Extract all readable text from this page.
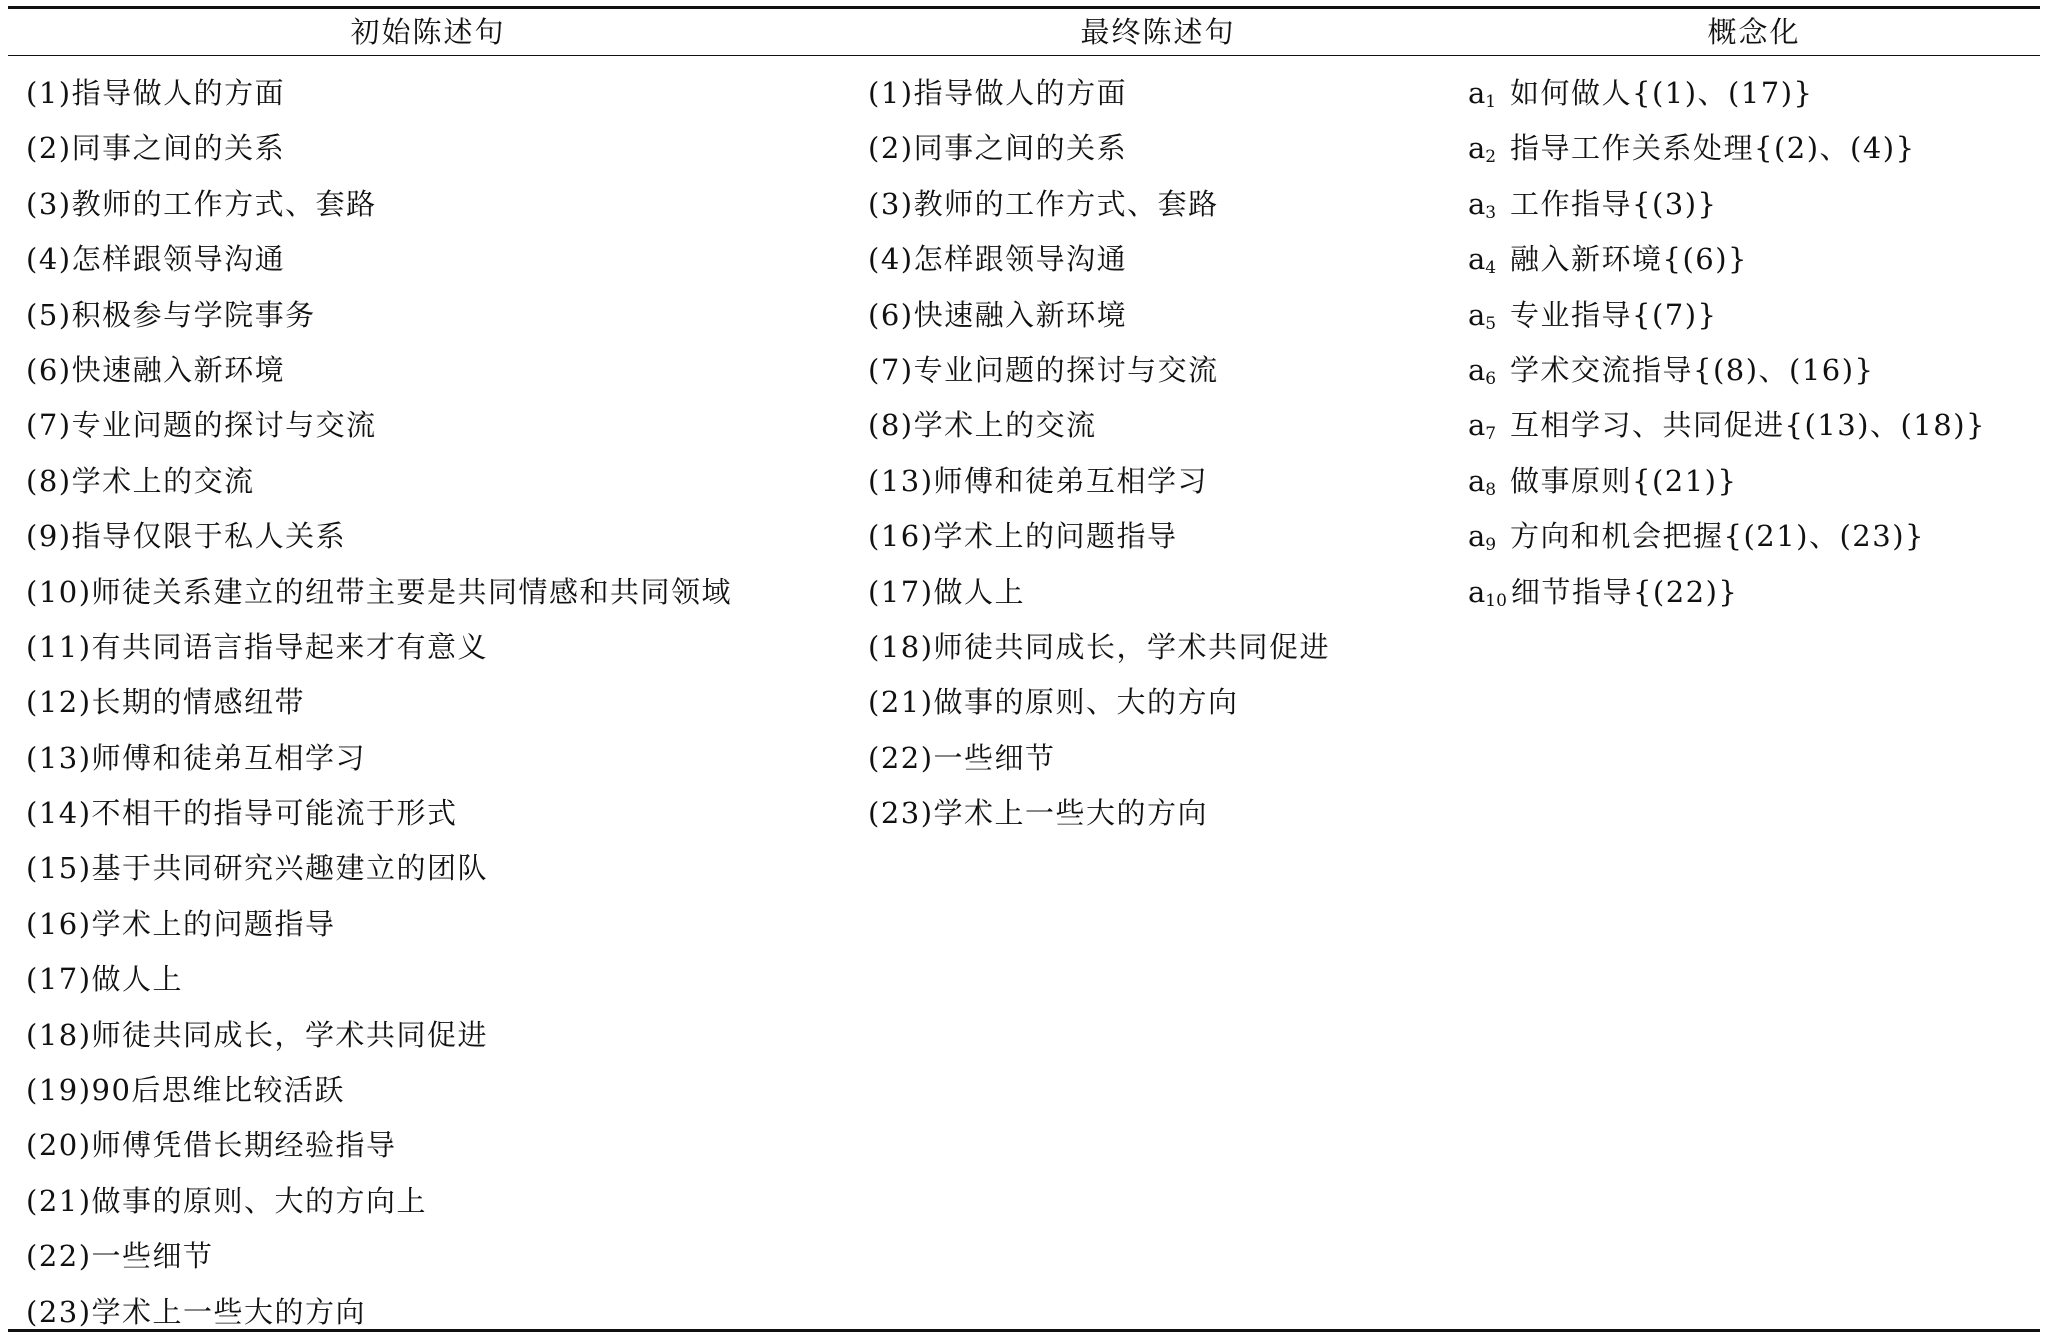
初始陈述句	最终陈述句	概念化
(1)指导做人的方面
(2)同事之间的关系
(3)教师的工作方式、套路
(4)怎样跟领导沟通
(5)积极参与学院事务
(6)快速融入新环境
(7)专业问题的探讨与交流
(8)学术上的交流
(9)指导仅限于私人关系
(10)师徒关系建立的纽带主要是共同情感和共同领域
(11)有共同语言指导起来才有意义
(12)长期的情感纽带
(13)师傅和徒弟互相学习
(14)不相干的指导可能流于形式
(15)基于共同研究兴趣建立的团队
(16)学术上的问题指导
(17)做人上
(18)师徒共同成长，学术共同促进
(19)90后思维比较活跃
(20)师傅凭借长期经验指导
(21)做事的原则、大的方向上
(22)一些细节
(23)学术上一些大的方向
(1)指导做人的方面
(2)同事之间的关系
(3)教师的工作方式、套路
(4)怎样跟领导沟通
(6)快速融入新环境
(7)专业问题的探讨与交流
(8)学术上的交流
(13)师傅和徒弟互相学习
(16)学术上的问题指导
(17)做人上
(18)师徒共同成长，学术共同促进
(21)做事的原则、大的方向
(22)一些细节
(23)学术上一些大的方向
$a_1$ 如何做人{(1)、(17)}
$a_2$ 指导工作关系处理{(2)、(4)}
$a_3$ 工作指导{(3)}
$a_4$ 融入新环境{(6)}
$a_5$ 专业指导{(7)}
$a_6$ 学术交流指导{(8)、(16)}
$a_7$ 互相学习、共同促进{(13)、(18)}
$a_8$ 做事原则{(21)}
$a_9$ 方向和机会把握{(21)、(23)}
$a_{10}$ 细节指导{(22)}
